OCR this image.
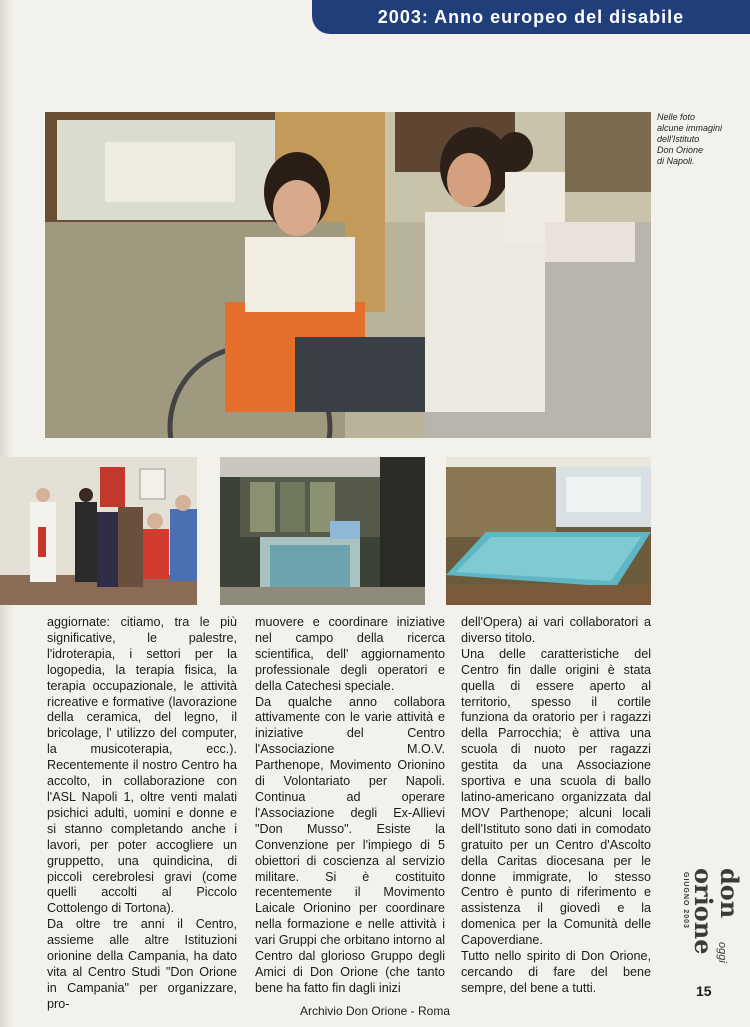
2003: Anno europeo del disabile
Nelle foto
alcune immagini
dell'Istituto
Don Orione
di Napoli.

aggiornate: citiamo, tra le più significative, le palestre, l'idroterapia, i settori per la logopedia, la terapia fisica, la terapia occupazionale, le attività ricreative e formative (lavorazione della ceramica, del legno, il bricolage, l' utilizzo del computer, la musicoterapia, ecc.). Recentemente il nostro Centro ha accolto, in collaborazione con l'ASL Napoli 1, oltre venti malati psichici adulti, uomini e donne e si stanno completando anche i lavori, per poter accogliere un gruppetto, una quindicina, di piccoli cerebrolesi gravi (come quelli accolti al Piccolo Cottolengo di Tortona).

Da oltre tre anni il Centro, assieme alle altre Istituzioni orionine della Campania, ha dato vita al Centro Studi "Don Orione in Campania" per organizzare, pro-

muovere e coordinare iniziative nel campo della ricerca scientifica, dell' aggiornamento professionale degli operatori e della Catechesi speciale.

Da qualche anno collabora attivamente con le varie attività e iniziative del Centro l'Associazione M.O.V. Parthenope, Movimento Orionino di Volontariato per Napoli. Continua ad operare l'Associazione degli Ex-Allievi "Don Musso". Esiste la Convenzione per l'impiego di 5 obiettori di coscienza al servizio militare. Si è costituito recentemente il Movimento Laicale Orionino per coordinare nella formazione e nelle attività i vari Gruppi che orbitano intorno al Centro dal glorioso Gruppo degli Amici di Don Orione (che tanto bene ha fatto fin dagli inizi

dell'Opera) ai vari collaboratori a diverso titolo.

Una delle caratteristiche del Centro fin dalle origini è stata quella di essere aperto al territorio, spesso il cortile funziona da oratorio per i ragazzi della Parrocchia; è attiva una scuola di nuoto per ragazzi gestita da una Associazione sportiva e una scuola di ballo latino-americano organizzata dal MOV Parthenope; alcuni locali dell'Istituto sono dati in comodato gratuito per un Centro d'Ascolto della Caritas diocesana per le donne immigrate, lo stesso Centro è punto di riferimento e assistenza il giovedì e la domenica per la Comunità delle Capoverdiane.

Tutto nello spirito di Don Orione, cercando di fare del bene sempre, del bene a tutti.

GIUGNO 2003	don orione
oggi
15
Archivio Don Orione - Roma
